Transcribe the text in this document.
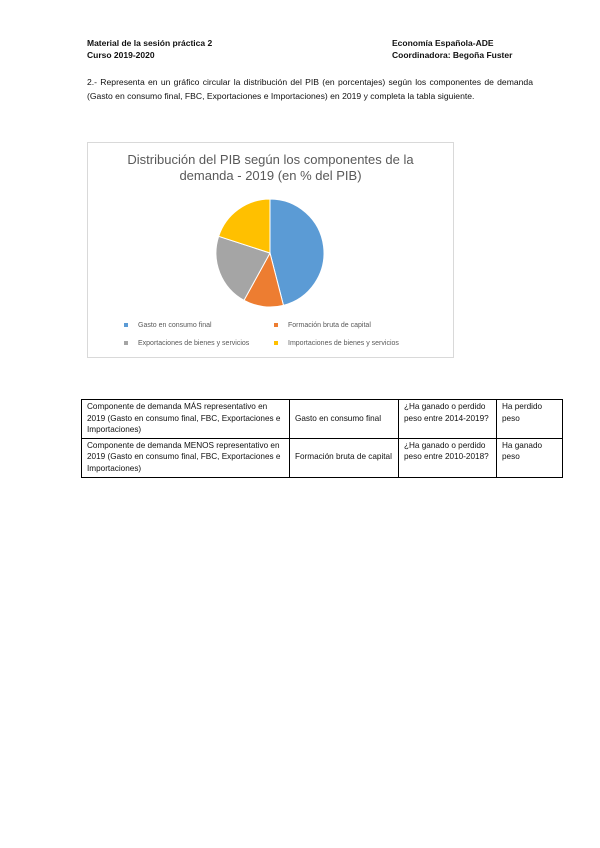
Material de la sesión práctica 2
Curso 2019-2020
Economía Española-ADE
Coordinadora: Begoña Fuster
2.- Representa en un gráfico circular la distribución del PIB (en porcentajes) según los componentes de demanda (Gasto en consumo final, FBC, Exportaciones e Importaciones) en 2019 y completa la tabla siguiente.
Distribución del PIB según los componentes de la
demanda - 2019 (en % del PIB)
Gasto en consumo final	Formación bruta de capital
Exportaciones de bienes y servicios	Importaciones de bienes y servicios
Componente de demanda MÁS representativo en 2019 (Gasto en consumo final, FBC, Exportaciones e Importaciones)	Gasto en consumo final	¿Ha ganado o perdido peso entre 2014-2019?	Ha perdido peso
Componente de demanda MENOS representativo en 2019 (Gasto en consumo final, FBC, Exportaciones e Importaciones)	Formación bruta de capital	¿Ha ganado o perdido peso entre 2010-2018?	Ha ganado peso
